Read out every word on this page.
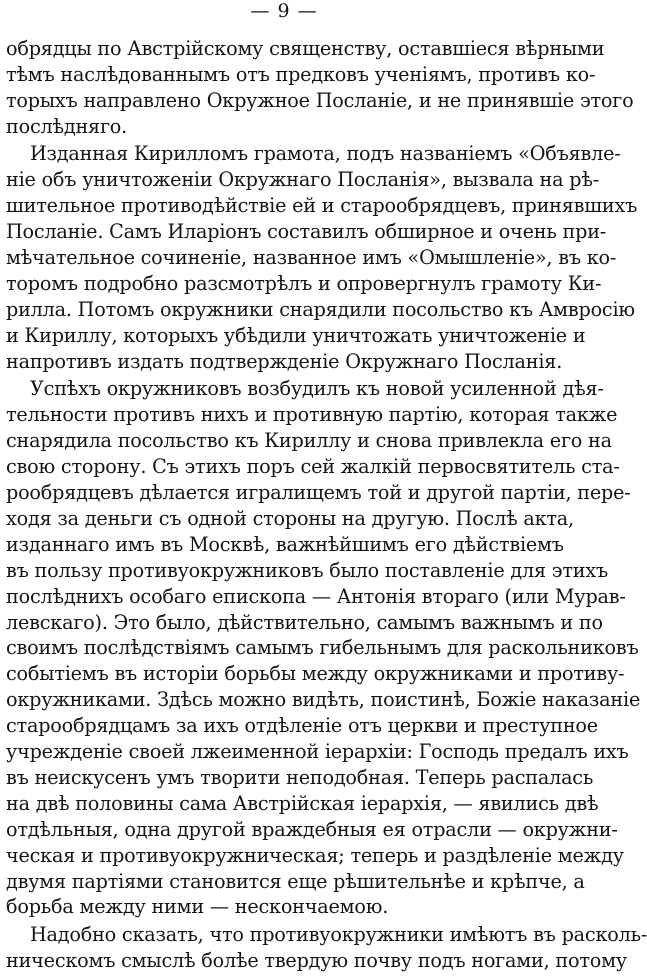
— 9 —
обрядцы по Австрійскому священству, оставшіеся вѣрными
тѣмъ наслѣдованнымъ отъ предковъ ученіямъ, противъ ко-
торыхъ направлено Окружное Посланіе, и не принявшіе этого
послѣдняго.
Изданная Кирилломъ грамота, подъ названіемъ «Объявле-
ніе объ уничтоженіи Окружнаго Посланія», вызвала на рѣ-
шительное противодѣйствіе ей и старообрядцевъ, принявшихъ
Посланіе. Самъ Иларіонъ составилъ обширное и очень при-
мѣчательное сочиненіе, названное имъ «Омышленіе», въ ко-
торомъ подробно разсмотрѣлъ и опровергнулъ грамоту Ки-
рилла. Потомъ окружники снарядили посольство къ Амвросію
и Кириллу, которыхъ убѣдили уничтожать уничтоженіе и
напротивъ издать подтвержденіе Окружнаго Посланія.
Успѣхъ окружниковъ возбудилъ къ новой усиленной дѣя-
тельности противъ нихъ и противную партію, которая также
снарядила посольство къ Кириллу и снова привлекла его на
свою сторону. Съ этихъ поръ сей жалкій первосвятитель ста-
рообрядцевъ дѣлается игралищемъ той и другой партіи, пере-
ходя за деньги съ одной стороны на другую. Послѣ акта,
изданнаго имъ въ Москвѣ, важнѣйшимъ его дѣйствіемъ
въ пользу противуокружниковъ было поставленіе для этихъ
послѣднихъ особаго епископа — Антонія втораго (или Мурав-
левскаго). Это было, дѣйствительно, самымъ важнымъ и по
своимъ послѣдствіямъ самымъ гибельнымъ для раскольниковъ
событіемъ въ исторіи борьбы между окружниками и противу-
окружниками. Здѣсь можно видѣть, поистинѣ, Божіе наказаніе
старообрядцамъ за ихъ отдѣленіе отъ церкви и преступное
учрежденіе своей лжеименной іерархіи: Господь предалъ ихъ
въ неискусенъ умъ творити неподобная. Теперь распалась
на двѣ половины сама Австрійская іерархія, — явились двѣ
отдѣльныя, одна другой враждебныя ея отрасли — окружни-
ческая и противуокружническая; теперь и раздѣленіе между
двумя партіями становится еще рѣшительнѣе и крѣпче, а
борьба между ними — нескончаемою.
Надобно сказать, что противуокружники имѣютъ въ расколь-
ническомъ смыслѣ болѣе твердую почву подъ ногами, потому
